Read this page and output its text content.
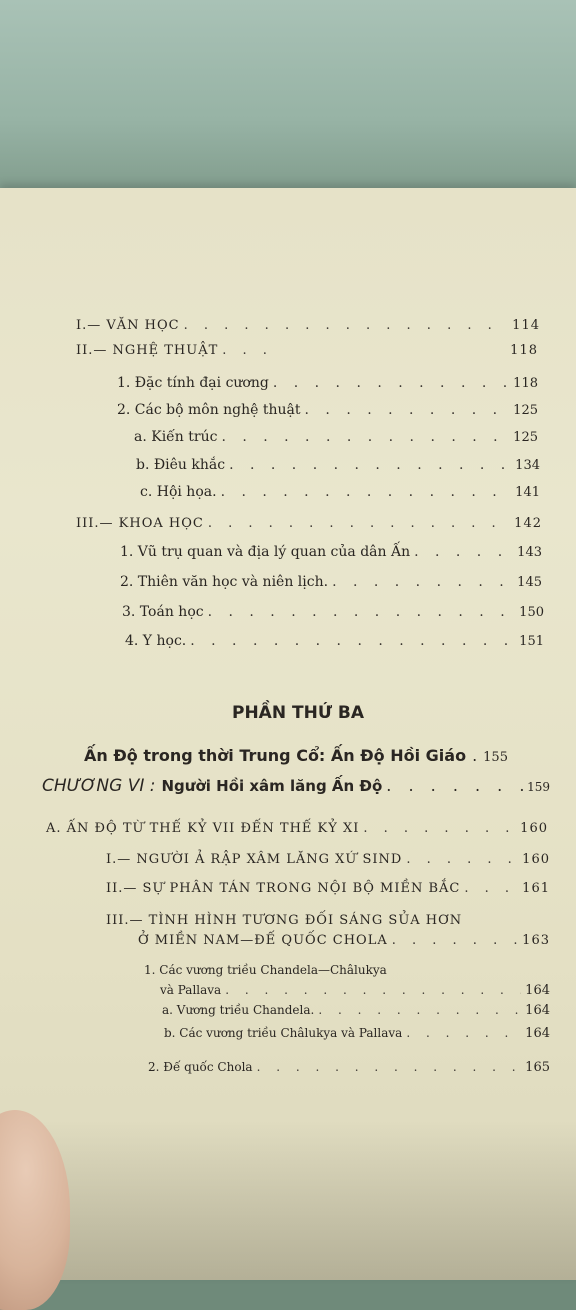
I.— VĂN HỌC . . .	114
II.— NGHỆ THUẬT . . .	118
1. Đặc tính đại cương . . .	118
2. Các bộ môn nghệ thuật . . .	125
a. Kiến trúc . . .	125
b. Điêu khắc . . .	134
c. Hội họa. . . .	141
III.— KHOA HỌC . . .	142
1. Vũ trụ quan và địa lý quan của dân Ấn . . .	143
2. Thiên văn học và niên lịch. . . .	145
3. Toán học . . .	150
4. Y học. . . .	151
PHẦN THỨ BA
Ấn Độ trong thời Trung Cổ: Ấn Độ Hồi Giáo . 155
CHƯƠNG VI : Người Hồi xâm lăng Ấn Độ . . .	159
A. ẤN ĐỘ TỪ THẾ KỶ VII ĐẾN THẾ KỶ XI . . .	160
I.— NGƯỜI Ả RẬP XÂM LĂNG XỨ SIND . . .	160
II.— SỰ PHÂN TÁN TRONG NỘI BỘ MIỀN BẮC . . .	161
III.— TÌNH HÌNH TƯƠNG ĐỐI SÁNG SỦA HƠN
Ở MIỀN NAM—ĐẾ QUỐC CHOLA . . .	163
1. Các vương triều Chandela—Châlukya
và Pallava . . .	164
a. Vương triều Chandela. . . .	164
b. Các vương triều Châlukya và Pallava . . .	164
2. Đế quốc Chola . . .	165
